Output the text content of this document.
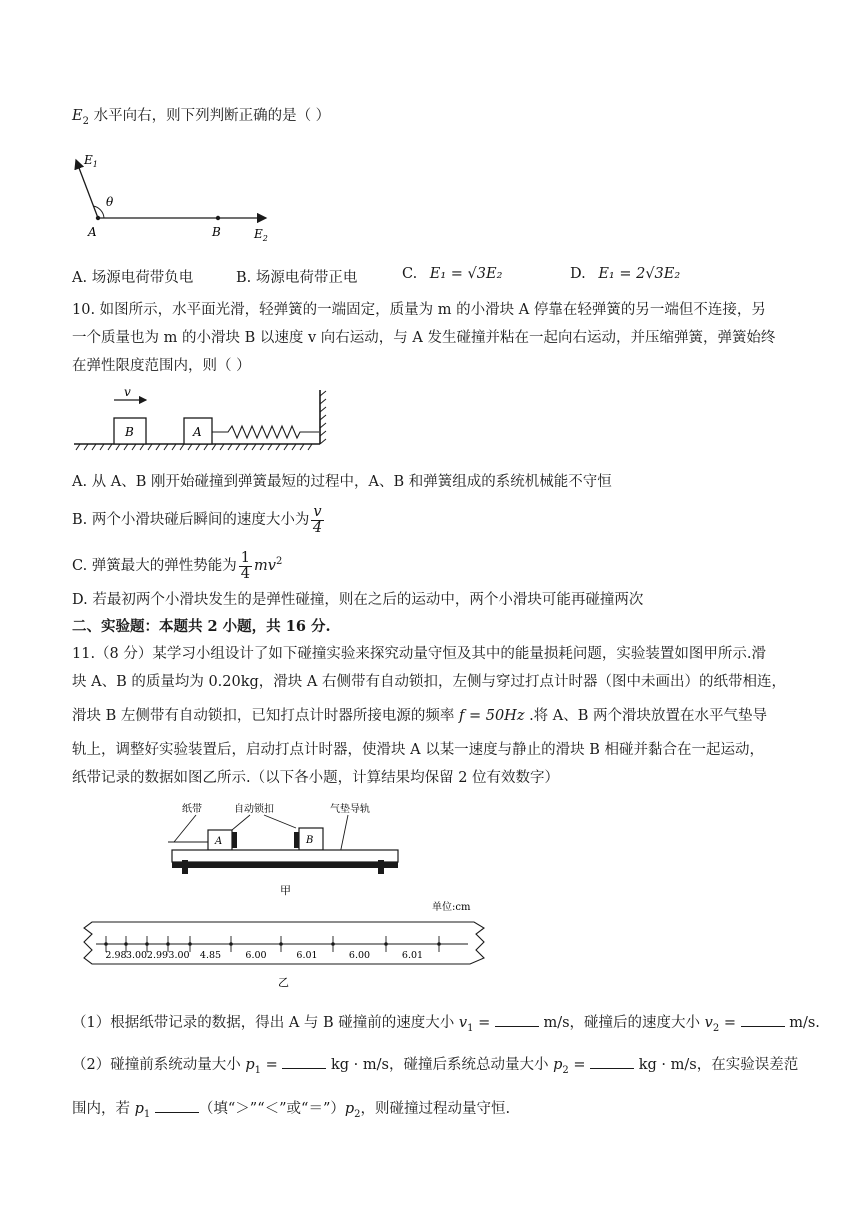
$E_2$ 水平向右，则下列判断正确的是（ ）
$E_1$
θ
A	B	$E_2$
A. 场源电荷带负电	B. 场源电荷带正电	C. E₁ = √3E₂	D. E₁ = 2√3E₂
10. 如图所示，水平面光滑，轻弹簧的一端固定，质量为 m 的小滑块 A 停靠在轻弹簧的另一端但不连接，另
一个质量也为 m 的小滑块 B 以速度 v 向右运动，与 A 发生碰撞并粘在一起向右运动，并压缩弹簧，弹簧始终
在弹性限度范围内，则（ ）
v
B	A
A. 从 A、B 刚开始碰撞到弹簧最短的过程中，A、B 和弹簧组成的系统机械能不守恒
B. 两个小滑块碰后瞬间的速度大小为 $\frac{v}{4}$
C. 弹簧最大的弹性势能为 $\frac{1}{4} mv^2$
D. 若最初两个小滑块发生的是弹性碰撞，则在之后的运动中，两个小滑块可能再碰撞两次
二、实验题：本题共 2 小题，共 16 分.
11.（8 分）某学习小组设计了如下碰撞实验来探究动量守恒及其中的能量损耗问题，实验装置如图甲所示.滑
块 A、B 的质量均为 0.20kg，滑块 A 右侧带有自动锁扣，左侧与穿过打点计时器（图中未画出）的纸带相连，
滑块 B 左侧带有自动锁扣，已知打点计时器所接电源的频率 f = 50Hz .将 A、B 两个滑块放置在水平气垫导
轨上，调整好实验装置后，启动打点计时器，使滑块 A 以某一速度与静止的滑块 B 相碰并黏合在一起运动，
纸带记录的数据如图乙所示.（以下各小题，计算结果均保留 2 位有效数字）
纸带	自动锁扣	气垫导轨
A	B
甲
单位:cm
2.98 3.00 2.99 3.00 4.85	6.00	6.01	6.00	6.01
乙
（1）根据纸带记录的数据，得出 A 与 B 碰撞前的速度大小 $v_1$ =	m/s，碰撞后的速度大小 $v_2$ =	m/s.
（2）碰撞前系统动量大小 $p_1$ =	kg · m/s，碰撞后系统总动量大小 $p_2$ =	kg · m/s，在实验误差范
围内，若 $p_1$	（填“＞”“＜”或“$=”)p_2$，则碰撞过程动量守恒.
